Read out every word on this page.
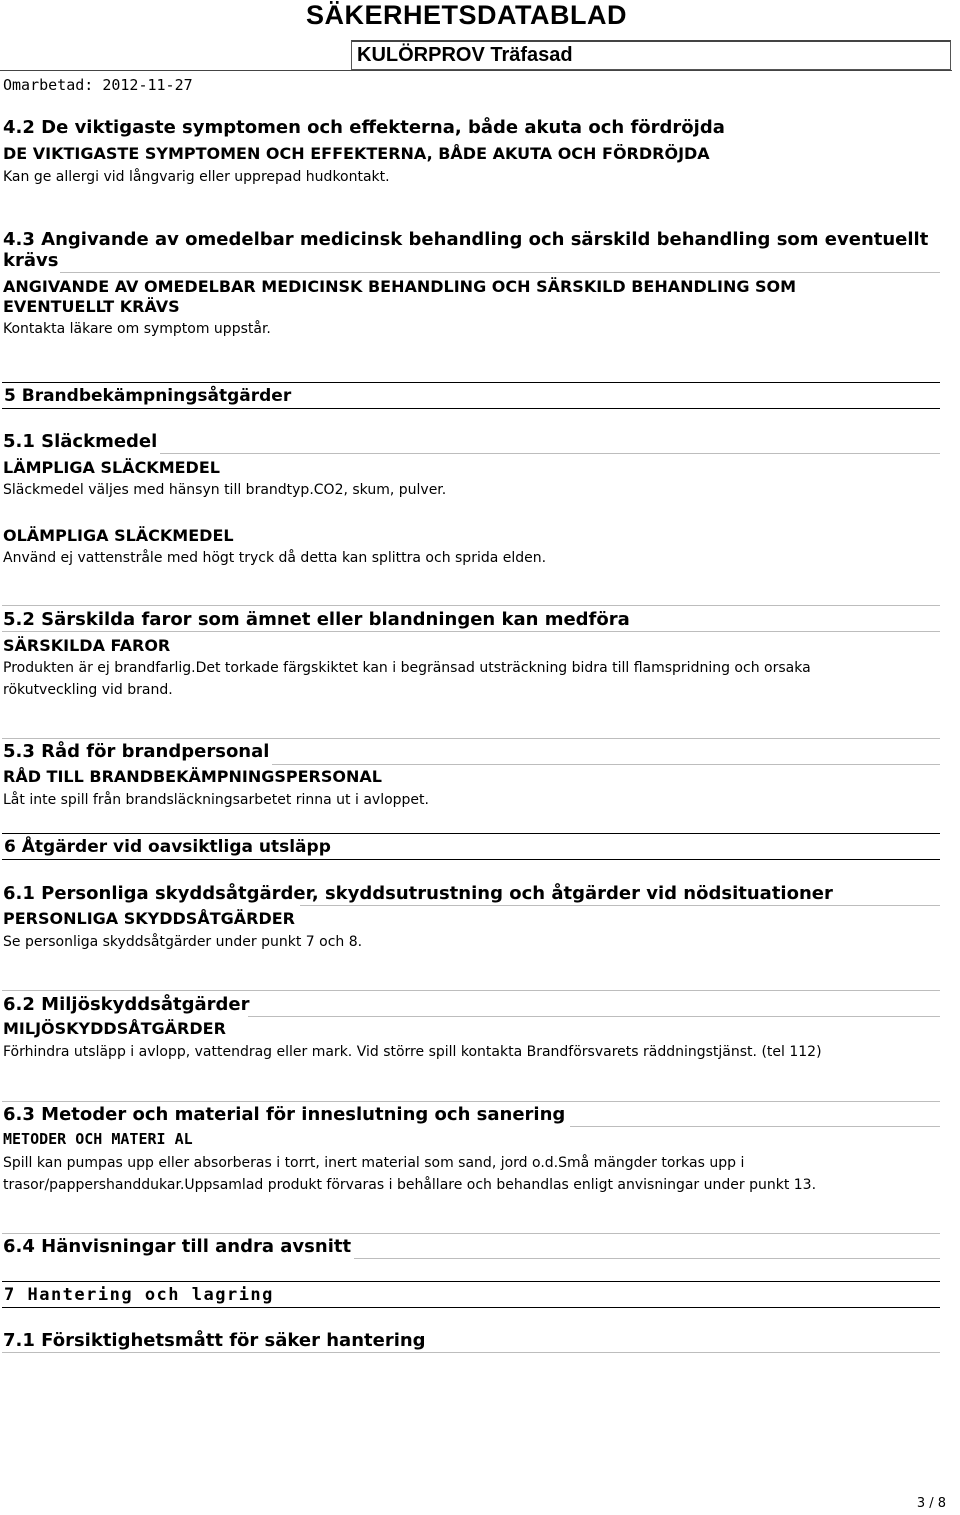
SÄKERHETSDATABLAD
KULÖRPROV Träfasad
Omarbetad: 2012-11-27
4.2 De viktigaste symptomen och effekterna, både akuta och fördröjda
DE VIKTIGASTE SYMPTOMEN OCH EFFEKTERNA, BÅDE AKUTA OCH FÖRDRÖJDA
Kan ge allergi vid långvarig eller upprepad hudkontakt.
4.3 Angivande av omedelbar medicinsk behandling och särskild behandling som eventuellt
krävs
ANGIVANDE AV OMEDELBAR MEDICINSK BEHANDLING OCH SÄRSKILD BEHANDLING SOM
EVENTUELLT KRÄVS
Kontakta läkare om symptom uppstår.
5 Brandbekämpningsåtgärder
5.1 Släckmedel
LÄMPLIGA SLÄCKMEDEL
Släckmedel väljes med hänsyn till brandtyp.CO2, skum, pulver.
OLÄMPLIGA SLÄCKMEDEL
Använd ej vattenstråle med högt tryck då detta kan splittra och sprida elden.
5.2 Särskilda faror som ämnet eller blandningen kan medföra
SÄRSKILDA FAROR
Produkten är ej brandfarlig.Det torkade färgskiktet kan i begränsad utsträckning bidra till flamspridning och orsaka
rökutveckling vid brand.
5.3 Råd för brandpersonal
RÅD TILL BRANDBEKÄMPNINGSPERSONAL
Låt inte spill från brandsläckningsarbetet rinna ut i avloppet.
6 Åtgärder vid oavsiktliga utsläpp
6.1 Personliga skyddsåtgärder, skyddsutrustning och åtgärder vid nödsituationer
PERSONLIGA SKYDDSÅTGÄRDER
Se personliga skyddsåtgärder under punkt 7 och 8.
6.2 Miljöskyddsåtgärder
MILJÖSKYDDSÅTGÄRDER
Förhindra utsläpp i avlopp, vattendrag eller mark. Vid större spill kontakta Brandförsvarets räddningstjänst. (tel 112)
6.3 Metoder och material för inneslutning och sanering
METODER OCH MATERI AL
Spill kan pumpas upp eller absorberas i torrt, inert material som sand, jord o.d.Små mängder torkas upp i
trasor/pappershanddukar.Uppsamlad produkt förvaras i behållare och behandlas enligt anvisningar under punkt 13.
6.4 Hänvisningar till andra avsnitt
7 Hantering och lagring
7.1 Försiktighetsmått för säker hantering
3 / 8
